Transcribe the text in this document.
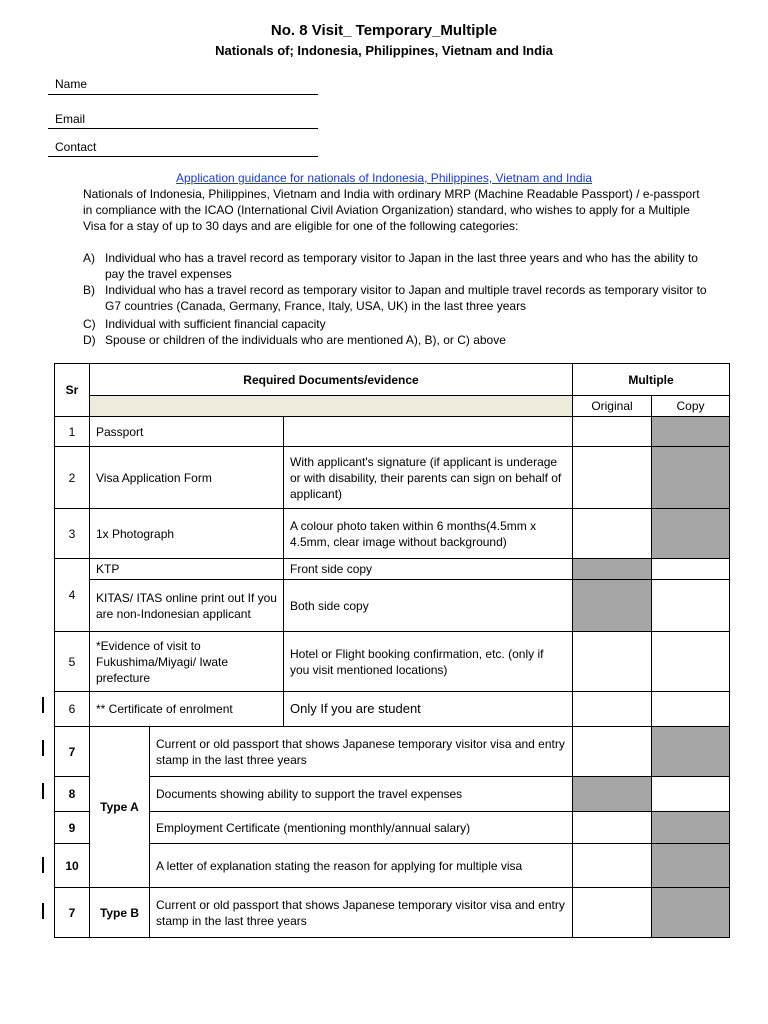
No. 8 Visit_ Temporary_Multiple
Nationals of; Indonesia, Philippines, Vietnam and India
Name
Email
Contact
Application guidance for nationals of Indonesia, Philippines, Vietnam and India
Nationals of Indonesia, Philippines, Vietnam and India with ordinary MRP (Machine Readable Passport) / e-passport in compliance with the ICAO (International Civil Aviation Organization) standard, who wishes to apply for a Multiple Visa for a stay of up to 30 days and are eligible for one of the following categories:
A) Individual who has a travel record as temporary visitor to Japan in the last three years and who has the ability to pay the travel expenses
B) Individual who has a travel record as temporary visitor to Japan and multiple travel records as temporary visitor to G7 countries (Canada, Germany, France, Italy, USA, UK) in the last three years
C) Individual with sufficient financial capacity
D) Spouse or children of the individuals who are mentioned A), B), or C) above
Sr	Required Documents/evidence			Multiple	
				Original	Copy
1	Passport				
2	Visa Application Form		With applicant's signature (if applicant is underage or with disability, their parents can sign on behalf of applicant)		
3	1x Photograph		A colour photo taken within 6 months(4.5mm x 4.5mm, clear image without background)		
4	KTP		Front side copy		
	KITAS/ ITAS online print out If you are non-Indonesian applicant		Both side copy		
5	*Evidence of visit to Fukushima/Miyagi/ Iwate prefecture		Hotel or Flight booking confirmation, etc. (only if you visit mentioned locations)		
6	** Certificate of enrolment		Only If you are student		
7	Type A	Current or old passport that shows Japanese temporary visitor visa and entry stamp in the last three years			
8		Documents showing ability to support the travel expenses			
9		Employment Certificate (mentioning monthly/annual salary)			
10		A letter of explanation stating the reason for applying for multiple visa			
7	Type B	Current or old passport that shows Japanese temporary visitor visa and entry stamp in the last three years			
